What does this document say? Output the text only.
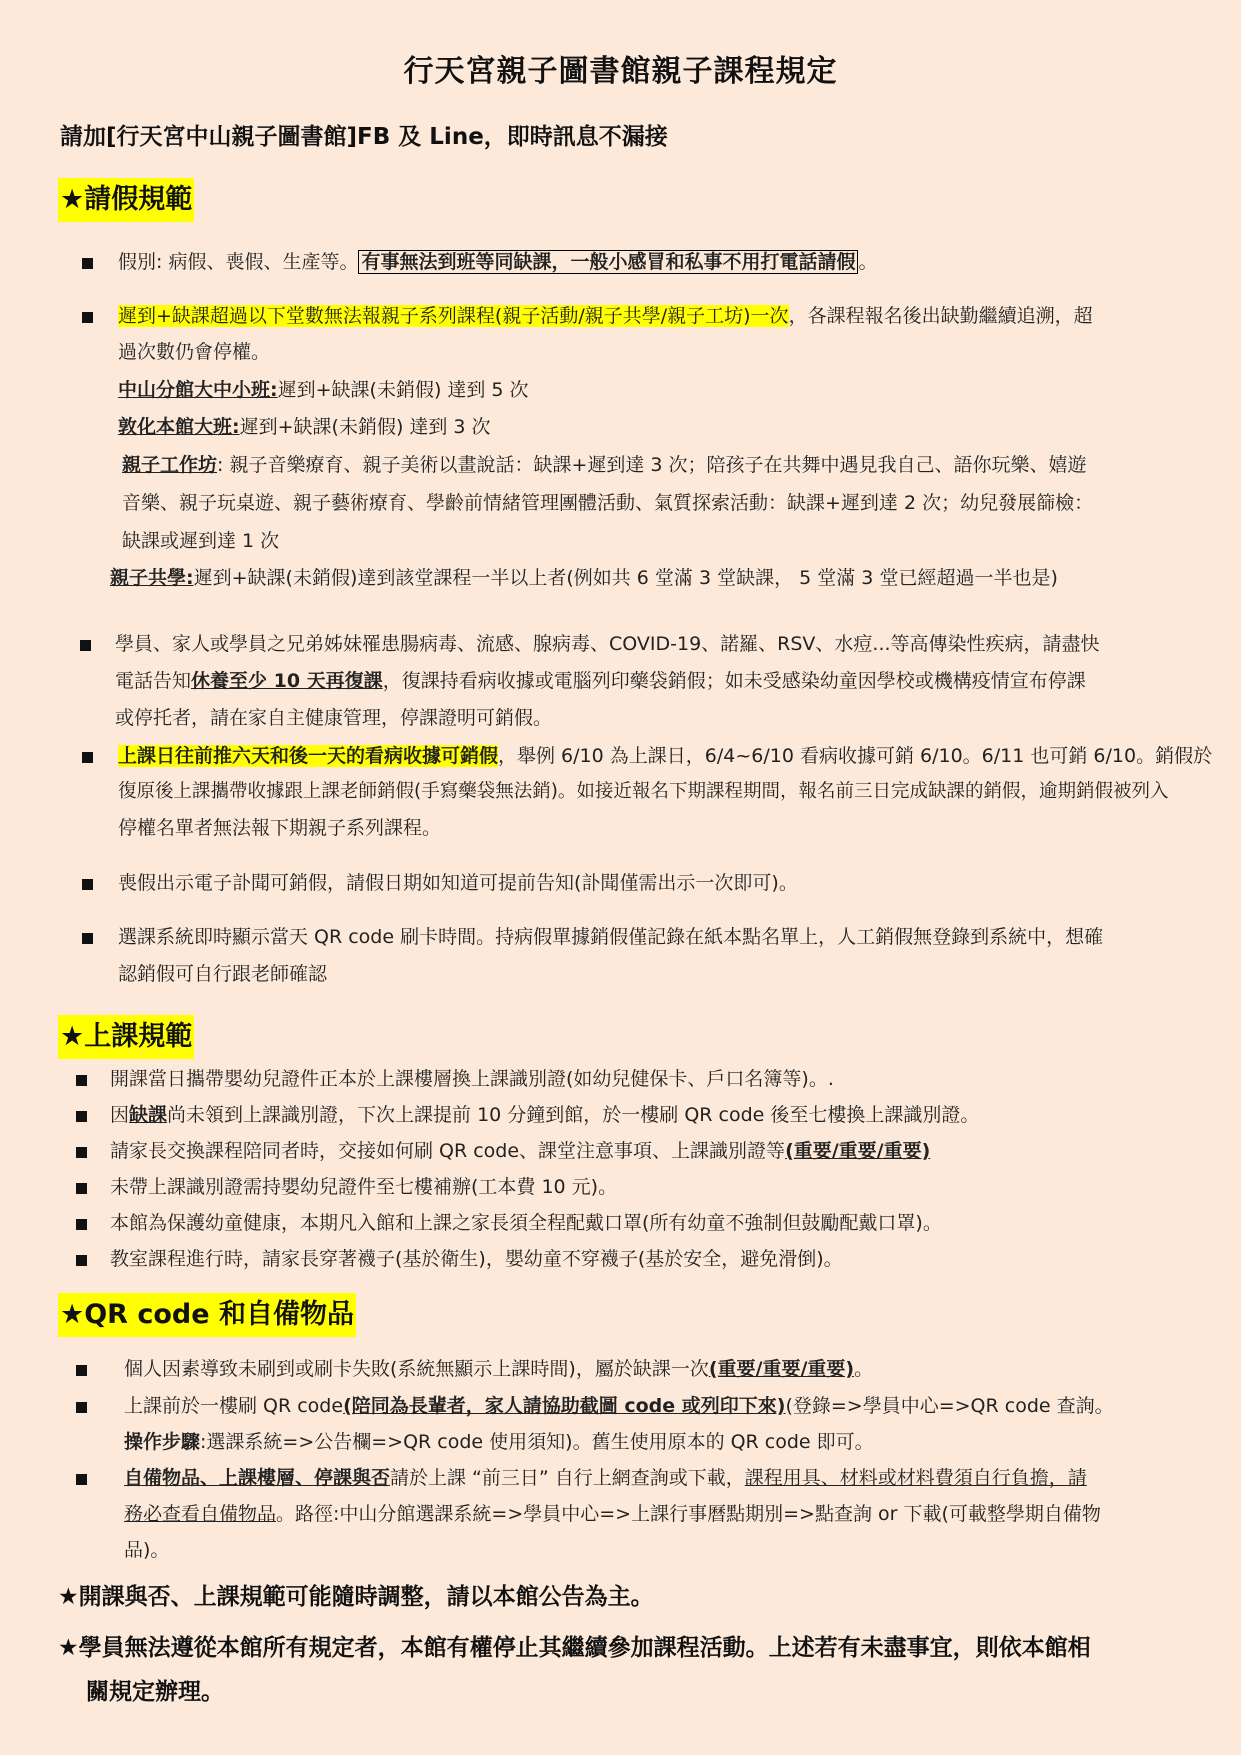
行天宮親子圖書館親子課程規定
請加[行天宮中山親子圖書館]FB 及 Line，即時訊息不漏接
★請假規範
假別: 病假、喪假、生產等。 有事無法到班等同缺課，一般小感冒和私事不用打電話請假 。
遲到+缺課超過以下堂數無法報親子系列課程(親子活動/親子共學/親子工坊)一次，各課程報名後出缺勤繼續追溯，超
過次數仍會停權。
中山分館大中小班:遲到+缺課(未銷假) 達到 5 次
敦化本館大班:遲到+缺課(未銷假) 達到 3 次
親子工作坊: 親子音樂療育、親子美術以畫說話：缺課+遲到達 3 次；陪孩子在共舞中遇見我自己、語你玩樂、嬉遊
音樂、親子玩桌遊、親子藝術療育、學齡前情緒管理團體活動、氣質探索活動：缺課+遲到達 2 次；幼兒發展篩檢：
缺課或遲到達 1 次
親子共學:遲到+缺課(未銷假)達到該堂課程一半以上者(例如共 6 堂滿 3 堂缺課， 5 堂滿 3 堂已經超過一半也是)
學員、家人或學員之兄弟姊妹罹患腸病毒、流感、腺病毒、COVID-19、諾羅、RSV、水痘...等高傳染性疾病，請盡快
電話告知休養至少 10 天再復課，復課持看病收據或電腦列印藥袋銷假；如未受感染幼童因學校或機構疫情宣布停課
或停托者，請在家自主健康管理，停課證明可銷假。
上課日往前推六天和後一天的看病收據可銷假，舉例 6/10 為上課日，6/4~6/10 看病收據可銷 6/10。6/11 也可銷 6/10。銷假於
復原後上課攜帶收據跟上課老師銷假(手寫藥袋無法銷)。如接近報名下期課程期間，報名前三日完成缺課的銷假，逾期銷假被列入
停權名單者無法報下期親子系列課程。
喪假出示電子訃聞可銷假，請假日期如知道可提前告知(訃聞僅需出示一次即可)。
選課系統即時顯示當天 QR code 刷卡時間。持病假單據銷假僅記錄在紙本點名單上，人工銷假無登錄到系統中，想確
認銷假可自行跟老師確認
★上課規範
開課當日攜帶嬰幼兒證件正本於上課樓層換上課識別證(如幼兒健保卡、戶口名簿等)。.
因缺課尚未領到上課識別證，下次上課提前 10 分鐘到館，於一樓刷 QR code 後至七樓換上課識別證。
請家長交換課程陪同者時，交接如何刷 QR code、課堂注意事項、上課識別證等(重要/重要/重要)
未帶上課識別證需持嬰幼兒證件至七樓補辦(工本費 10 元)。
本館為保護幼童健康，本期凡入館和上課之家長須全程配戴口罩(所有幼童不強制但鼓勵配戴口罩)。
教室課程進行時，請家長穿著襪子(基於衛生)，嬰幼童不穿襪子(基於安全，避免滑倒)。
★QR code 和自備物品
個人因素導致未刷到或刷卡失敗(系統無顯示上課時間)，屬於缺課一次(重要/重要/重要)。
上課前於一樓刷 QR code(陪同為長輩者，家人請協助截圖 code 或列印下來)(登錄=>學員中心=>QR code 查詢。
操作步驟:選課系統=>公告欄=>QR code 使用須知)。舊生使用原本的 QR code 即可。
自備物品、上課樓層、停課與否請於上課 “前三日” 自行上網查詢或下載，課程用具、材料或材料費須自行負擔，請
務必查看自備物品。路徑:中山分館選課系統=>學員中心=>上課行事曆點期別=>點查詢 or 下載(可載整學期自備物
品)。
★開課與否、上課規範可能隨時調整，請以本館公告為主。
★學員無法遵從本館所有規定者，本館有權停止其繼續參加課程活動。上述若有未盡事宜，則依本館相
關規定辦理。
